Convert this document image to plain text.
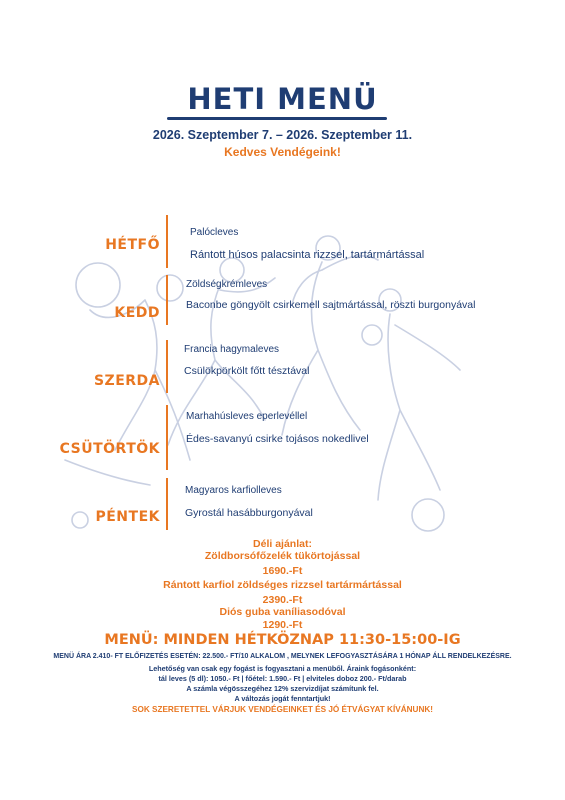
HETI MENÜ
2026. Szeptember 7. – 2026. Szeptember 11.
Kedves Vendégeink!
HÉTFŐ
Palócleves
Rántott húsos palacsinta rizzsel, tartármártással
KEDD
Zöldségkrémleves
Baconbe göngyölt csirkemell sajtmártással, röszti burgonyával
SZERDA
Francia hagymaleves
Csülökpörkölt főtt tésztával
CSÜTÖRTÖK
Marhahúsleves eperlevéllel
Édes-savanyú csirke tojásos nokedlivel
PÉNTEK
Magyaros karfiolleves
Gyrostál hasábburgonyával
Déli ajánlat:
Zöldborsófőzelék tükörtojással
1690.-Ft
Rántott karfiol zöldséges rizzsel tartármártással
2390.-Ft
Diós guba vaníliasodóval
1290.-Ft
MENÜ: MINDEN HÉTKÖZNAP 11:30-15:00-IG
MENÜ ÁRA 2.410- FT ELŐFIZETÉS ESETÉN: 22.500.- FT/10 ALKALOM , MELYNEK LEFOGYASZTÁSÁRA 1 HÓNAP ÁLL RENDELKEZÉSRE.
Lehetőség van csak egy fogást is fogyasztani a menüből. Áraink fogásonként:
tál leves (5 dl): 1050.- Ft | főétel: 1.590.- Ft | elviteles doboz 200.- Ft/darab
A számla végösszegéhez 12% szervizdíjat számítunk fel.
A változás jogát fenntartjuk!
SOK SZERETETTEL VÁRJUK VENDÉGEINKET ÉS JÓ ÉTVÁGYAT KÍVÁNUNK!
